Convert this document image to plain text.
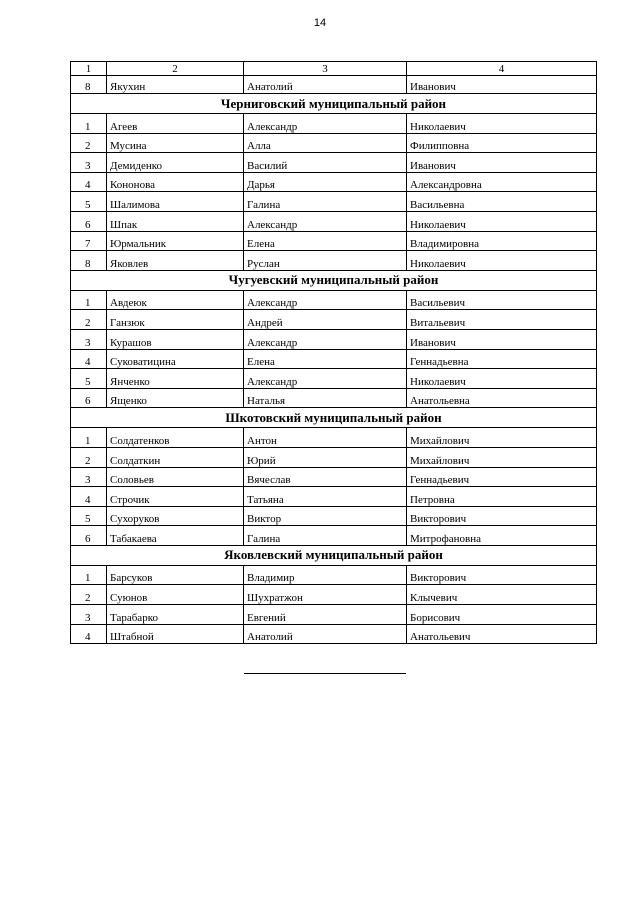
14
1	2	3	4
8	Якухин	Анатолий	Иванович
Черниговский муниципальный район			
1	Агеев	Александр	Николаевич
2	Мусина	Алла	Филипповна
3	Демиденко	Василий	Иванович
4	Кононова	Дарья	Александровна
5	Шалимова	Галина	Васильевна
6	Шпак	Александр	Николаевич
7	Юрмальник	Елена	Владимировна
8	Яковлев	Руслан	Николаевич
Чугуевский муниципальный район			
1	Авдеюк	Александр	Васильевич
2	Ганзюк	Андрей	Витальевич
3	Курашов	Александр	Иванович
4	Суковатицина	Елена	Геннадьевна
5	Янченко	Александр	Николаевич
6	Ященко	Наталья	Анатольевна
Шкотовский муниципальный район			
1	Солдатенков	Антон	Михайлович
2	Солдаткин	Юрий	Михайлович
3	Соловьев	Вячеслав	Геннадьевич
4	Строчик	Татьяна	Петровна
5	Сухоруков	Виктор	Викторович
6	Табакаева	Галина	Митрофановна
Яковлевский муниципальный район			
1	Барсуков	Владимир	Викторович
2	Суюнов	Шухратжон	Клычевич
3	Тарабарко	Евгений	Борисович
4	Штабной	Анатолий	Анатольевич
